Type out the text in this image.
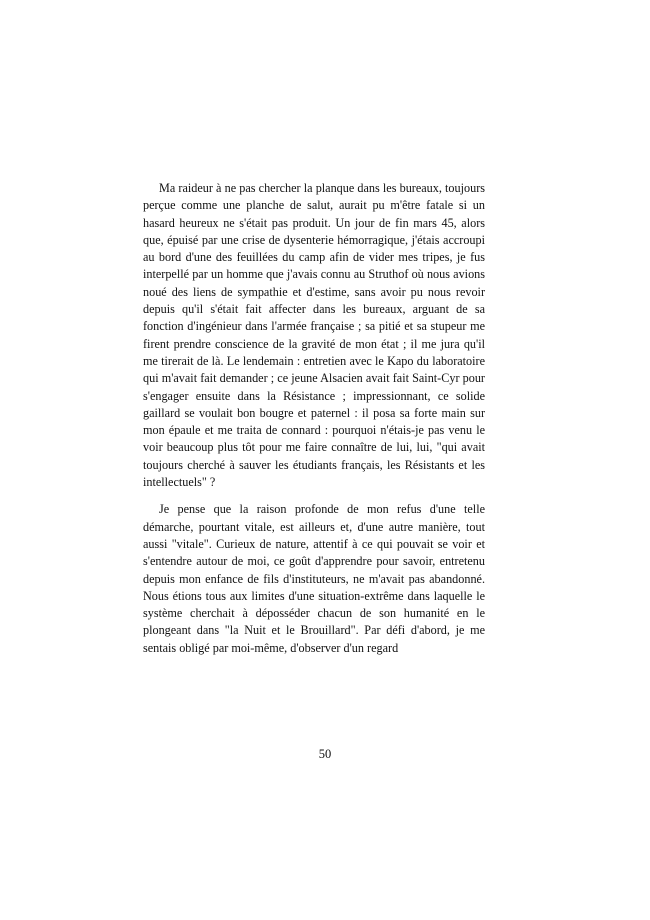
Ma raideur à ne pas chercher la planque dans les bureaux, toujours perçue comme une planche de salut, aurait pu m'être fatale si un hasard heureux ne s'était pas produit. Un jour de fin mars 45, alors que, épuisé par une crise de dysenterie hémorragique, j'étais accroupi au bord d'une des feuillées du camp afin de vider mes tripes, je fus interpellé par un homme que j'avais connu au Struthof où nous avions noué des liens de sympathie et d'estime, sans avoir pu nous revoir depuis qu'il s'était fait affecter dans les bureaux, arguant de sa fonction d'ingénieur dans l'armée française ; sa pitié et sa stupeur me firent prendre conscience de la gravité de mon état ; il me jura qu'il me tirerait de là. Le lendemain : entretien avec le Kapo du laboratoire qui m'avait fait demander ; ce jeune Alsacien avait fait Saint-Cyr pour s'engager ensuite dans la Résistance ; impressionnant, ce solide gaillard se voulait bon bougre et paternel : il posa sa forte main sur mon épaule et me traita de connard : pourquoi n'étais-je pas venu le voir beaucoup plus tôt pour me faire connaître de lui, lui, "qui avait toujours cherché à sauver les étudiants français, les Résistants et les intellectuels" ?

Je pense que la raison profonde de mon refus d'une telle démarche, pourtant vitale, est ailleurs et, d'une autre manière, tout aussi "vitale". Curieux de nature, attentif à ce qui pouvait se voir et s'entendre autour de moi, ce goût d'apprendre pour savoir, entretenu depuis mon enfance de fils d'instituteurs, ne m'avait pas abandonné. Nous étions tous aux limites d'une situation-extrême dans laquelle le système cherchait à déposséder chacun de son humanité en le plongeant dans "la Nuit et le Brouillard". Par défi d'abord, je me sentais obligé par moi-même, d'observer d'un regard

50
